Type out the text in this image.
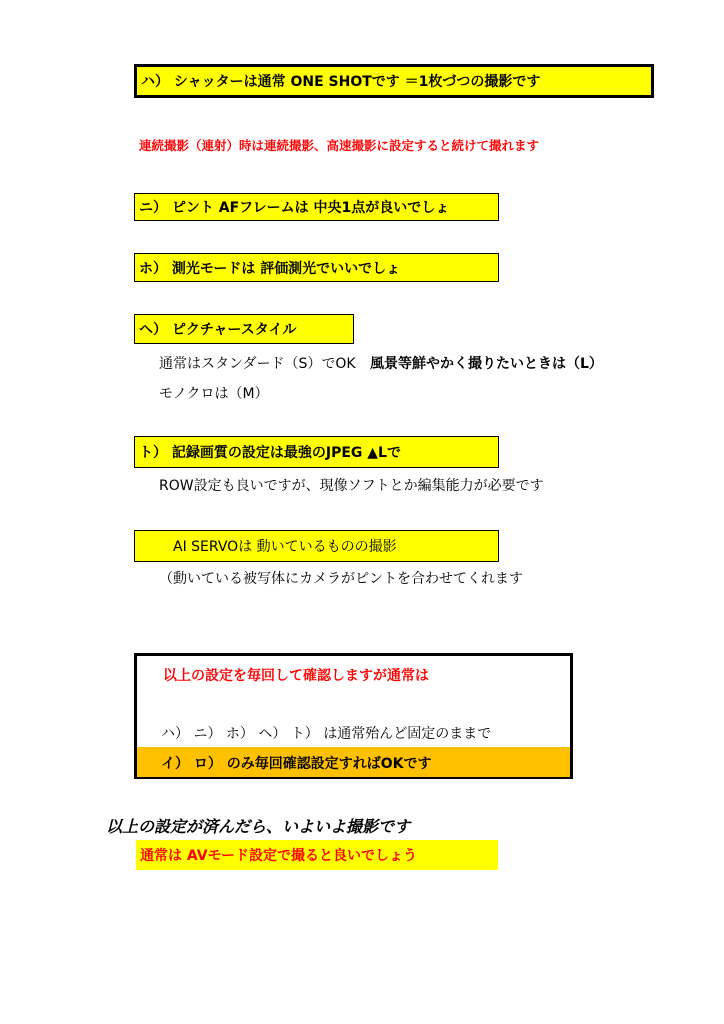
ハ） シャッターは通常 ONE SHOTです ＝1枚づつの撮影です
連続撮影（連射）時は連続撮影、高速撮影に設定すると続けて撮れます
ニ） ピント AFフレームは 中央1点が良いでしょ
ホ） 測光モードは 評価測光でいいでしょ
ヘ） ピクチャースタイル
通常はスタンダード（S）でOK 風景等鮮やかく撮りたいときは（L）
モノクロは（M）
ト） 記録画質の設定は最強のJPEG ▲Lで
ROW設定も良いですが、現像ソフトとか編集能力が必要です
AI SERVOは 動いているものの撮影
（動いている被写体にカメラがピントを合わせてくれます
以上の設定を毎回して確認しますが通常は
ハ） ニ） ホ） ヘ） ト） は通常殆んど固定のままで
イ） ロ） のみ毎回確認設定すればOKです
以上の設定が済んだら、いよいよ撮影です
通常は AVモード設定で撮ると良いでしょう
